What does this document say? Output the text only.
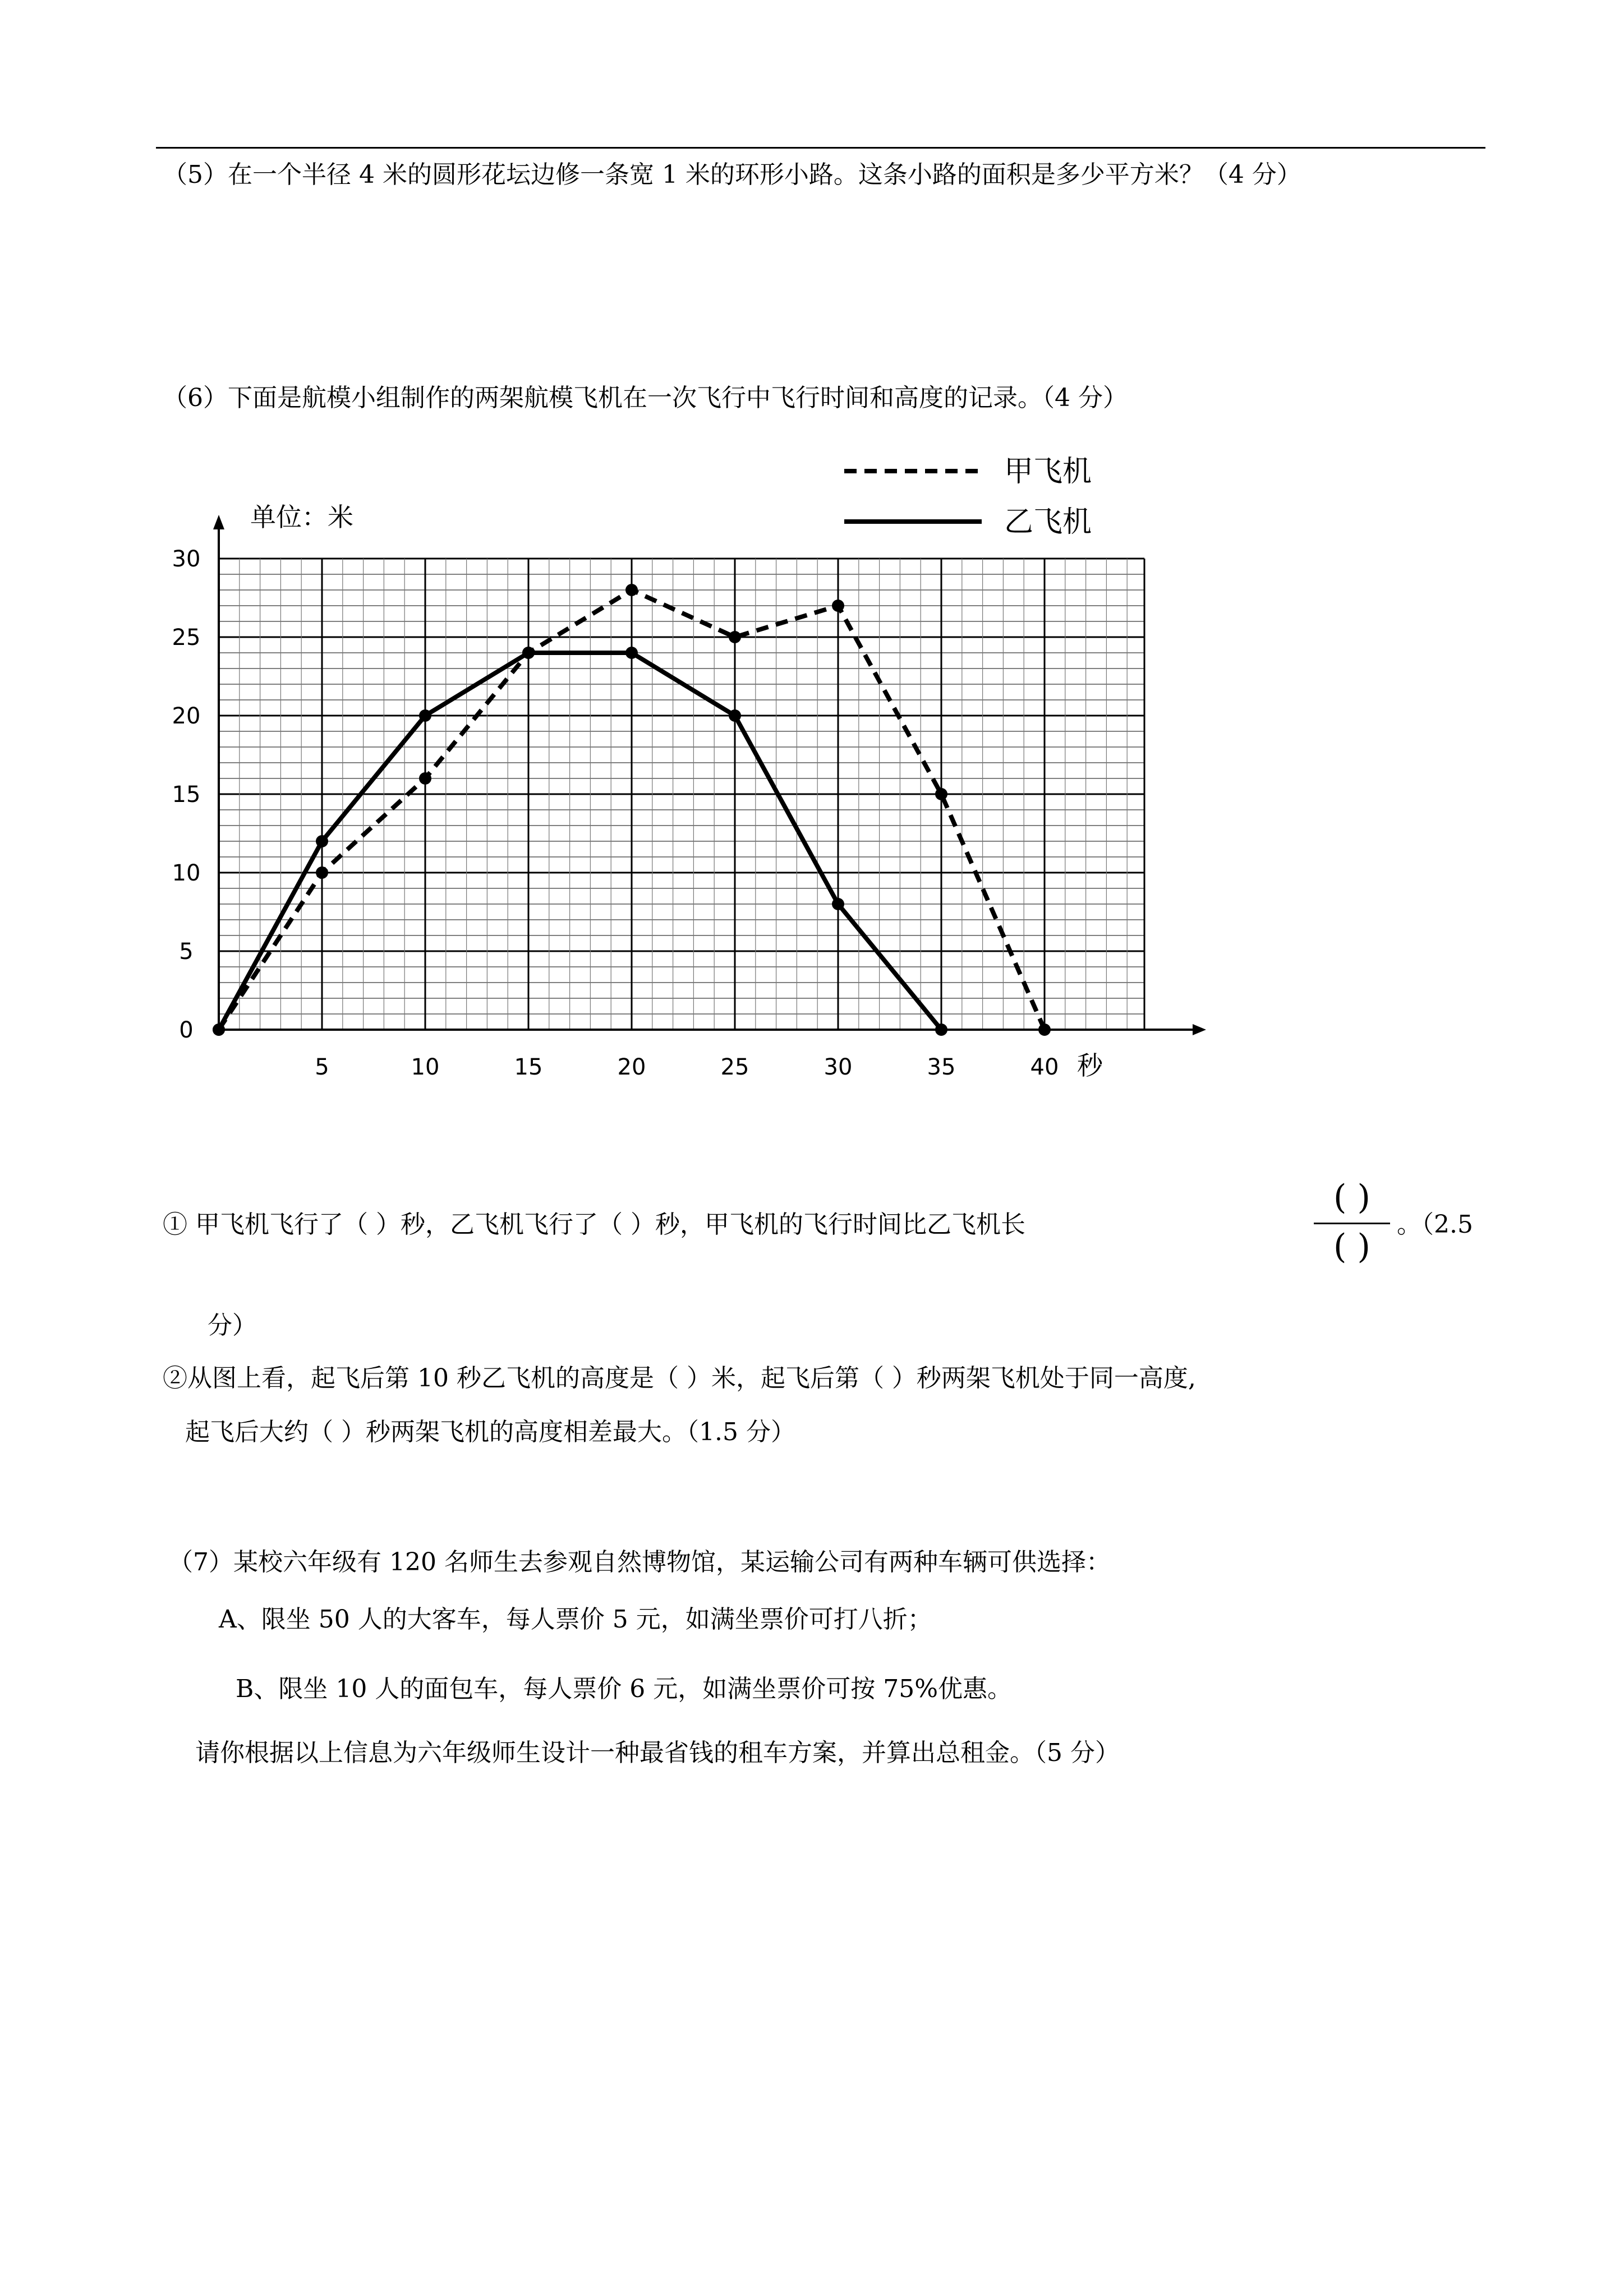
（5）在一个半径 4 米的圆形花坛边修一条宽 1 米的环形小路。这条小路的面积是多少平方米？（4 分）
（6）下面是航模小组制作的两架航模飞机在一次飞行中飞行时间和高度的记录。（4 分）
0
5
10
15
20
25
30
5	10	15	20	25	30	35	40
单位：米
秒
甲飞机
乙飞机
① 甲飞机飞行了（ ）秒，乙飞机飞行了（ ）秒，甲飞机的飞行时间比乙飞机长
( )
( )
。（2.5
分）
②从图上看，起飞后第 10 秒乙飞机的高度是（ ）米，起飞后第（ ）秒两架飞机处于同一高度,
起飞后大约（ ）秒两架飞机的高度相差最大。（1.5 分）
（7）某校六年级有 120 名师生去参观自然博物馆，某运输公司有两种车辆可供选择：
A、限坐 50 人的大客车，每人票价 5 元，如满坐票价可打八折；
B、限坐 10 人的面包车，每人票价 6 元，如满坐票价可按 75%优惠。
请你根据以上信息为六年级师生设计一种最省钱的租车方案，并算出总租金。（5 分）
